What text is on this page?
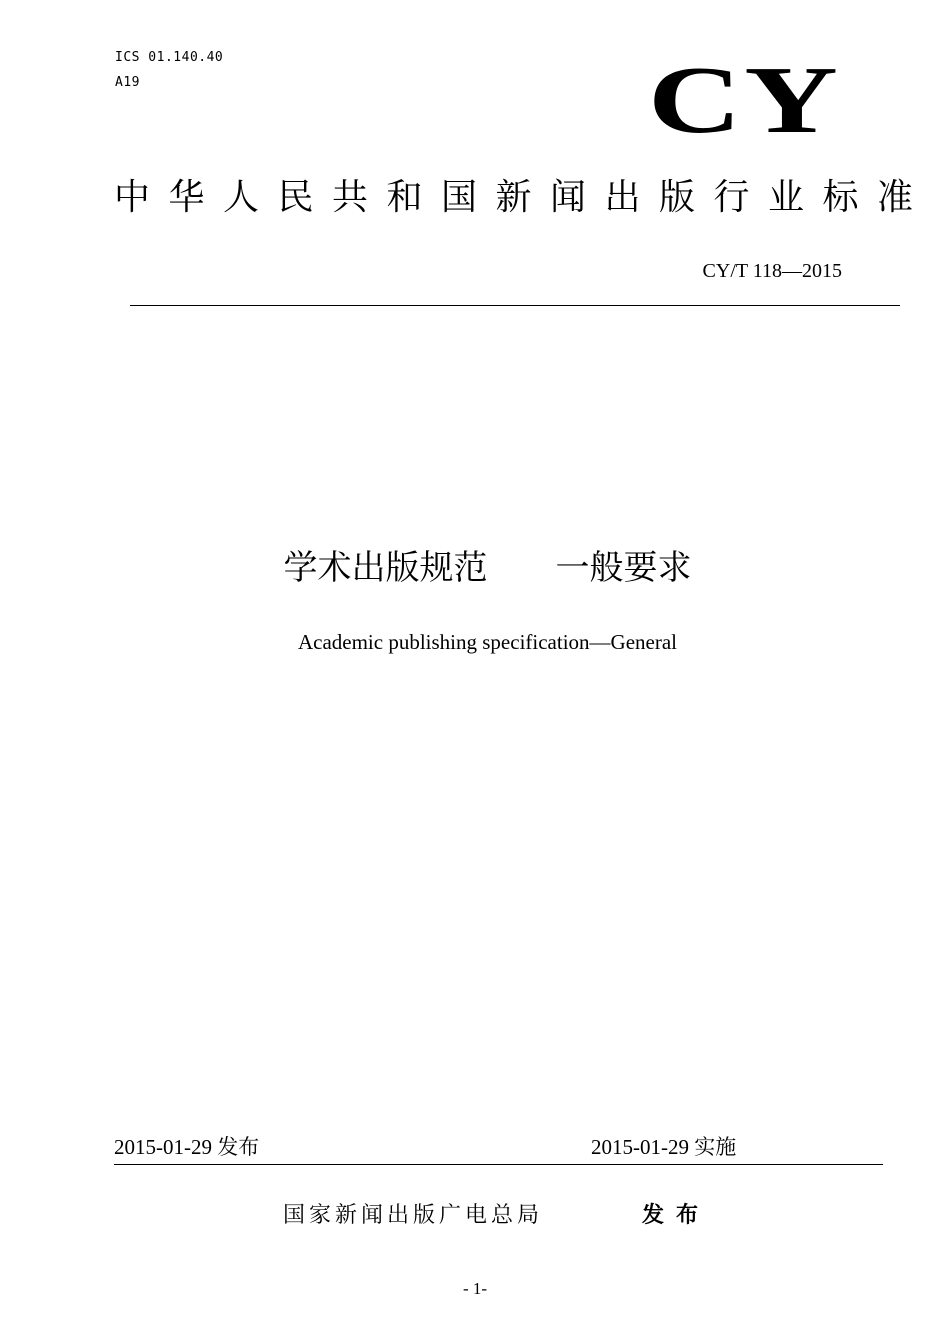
ICS 01.140.40
A19	CY
中华人民共和国新闻出版行业标准
CY/T 118—2015
学术出版规范　　一般要求
Academic publishing specification—General
2015-01-29 发布	2015-01-29 实施
国家新闻出版广电总局	发布
- 1-
